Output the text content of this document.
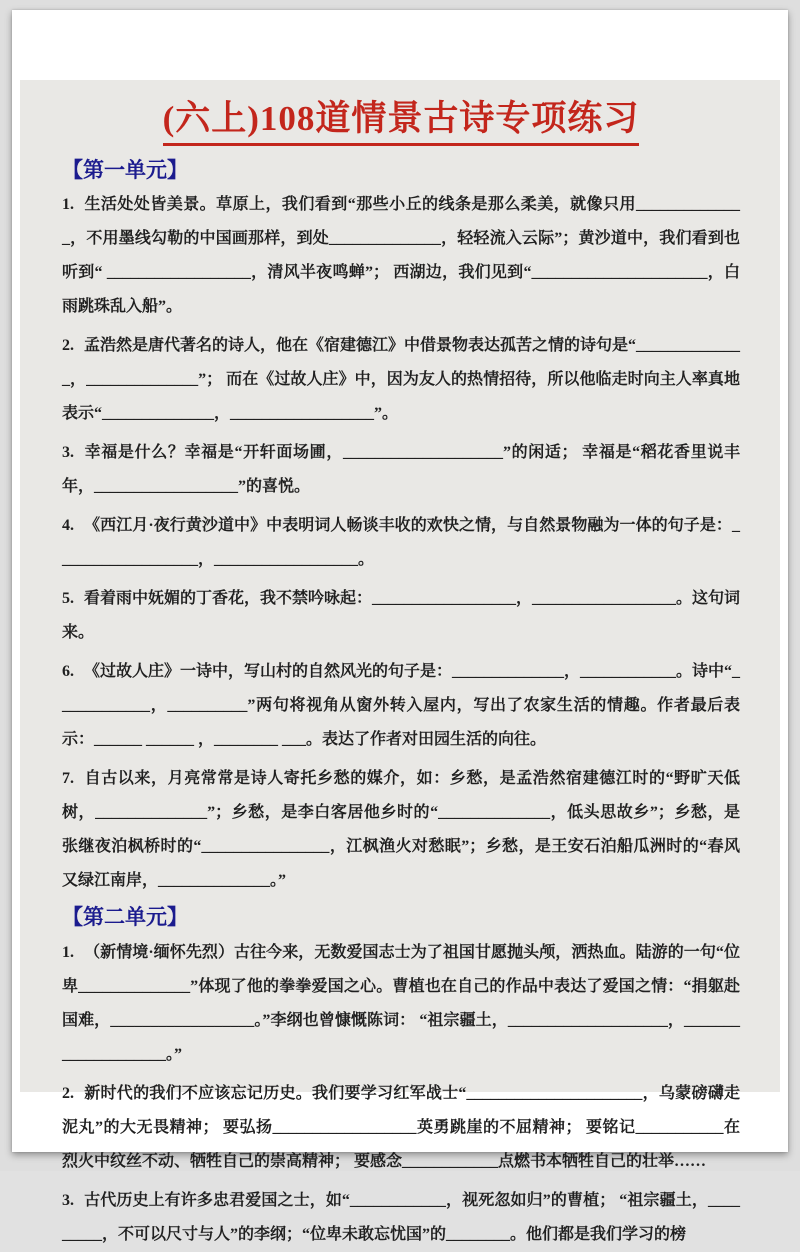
(六上)108道情景古诗专项练习
【第一单元】
1. 生活处处皆美景。草原上，我们看到“那些小丘的线条是那么柔美，就像只用______________，不用墨线勾勒的中国画那样，到处______________，轻轻流入云际”；黄沙道中，我们看到也听到“ __________________，清风半夜鸣蝉”； 西湖边，我们见到“______________________，白雨跳珠乱入船”。
2. 孟浩然是唐代著名的诗人，他在《宿建德江》中借景物表达孤苦之情的诗句是“______________，______________”； 而在《过故人庄》中，因为友人的热情招待，所以他临走时向主人率真地表示“______________，__________________”。
3. 幸福是什么？幸福是“开轩面场圃，____________________”的闲适； 幸福是“稻花香里说丰年，__________________”的喜悦。
4. 《西江月·夜行黄沙道中》中表明词人畅谈丰收的欢快之情，与自然景物融为一体的句子是：__________________，__________________。
5. 看着雨中妩媚的丁香花，我不禁吟咏起：__________________，__________________。这句词来。
6. 《过故人庄》一诗中，写山村的自然风光的句子是：______________，____________。诗中“____________，__________”两句将视角从窗外转入屋内，写出了农家生活的情趣。作者最后表示：______ ______ ，________ ___。表达了作者对田园生活的向往。
7. 自古以来，月亮常常是诗人寄托乡愁的媒介，如：乡愁，是孟浩然宿建德江时的“野旷天低树，______________”；乡愁，是李白客居他乡时的“______________，低头思故乡”；乡愁，是张继夜泊枫桥时的“________________，江枫渔火对愁眠”；乡愁，是王安石泊船瓜洲时的“春风又绿江南岸，______________。”
【第二单元】
1. （新情境·缅怀先烈）古往今来，无数爱国志士为了祖国甘愿抛头颅，洒热血。陆游的一句“位卑______________”体现了他的拳拳爱国之心。曹植也在自己的作品中表达了爱国之情：“捐躯赴国难，__________________。”李纲也曾慷慨陈词： “祖宗疆土，____________________，____________________。”
2. 新时代的我们不应该忘记历史。我们要学习红军战士“______________________，乌蒙磅礴走泥丸”的大无畏精神； 要弘扬__________________英勇跳崖的不屈精神； 要铭记___________在烈火中纹丝不动、牺牲自己的崇高精神； 要感念____________点燃书本牺牲自己的壮举……
3. 古代历史上有许多忠君爱国之士，如“____________，视死忽如归”的曹植； “祖宗疆土，_________，不可以尺寸与人”的李纲；“位卑未敢忘忧国”的________。他们都是我们学习的榜
